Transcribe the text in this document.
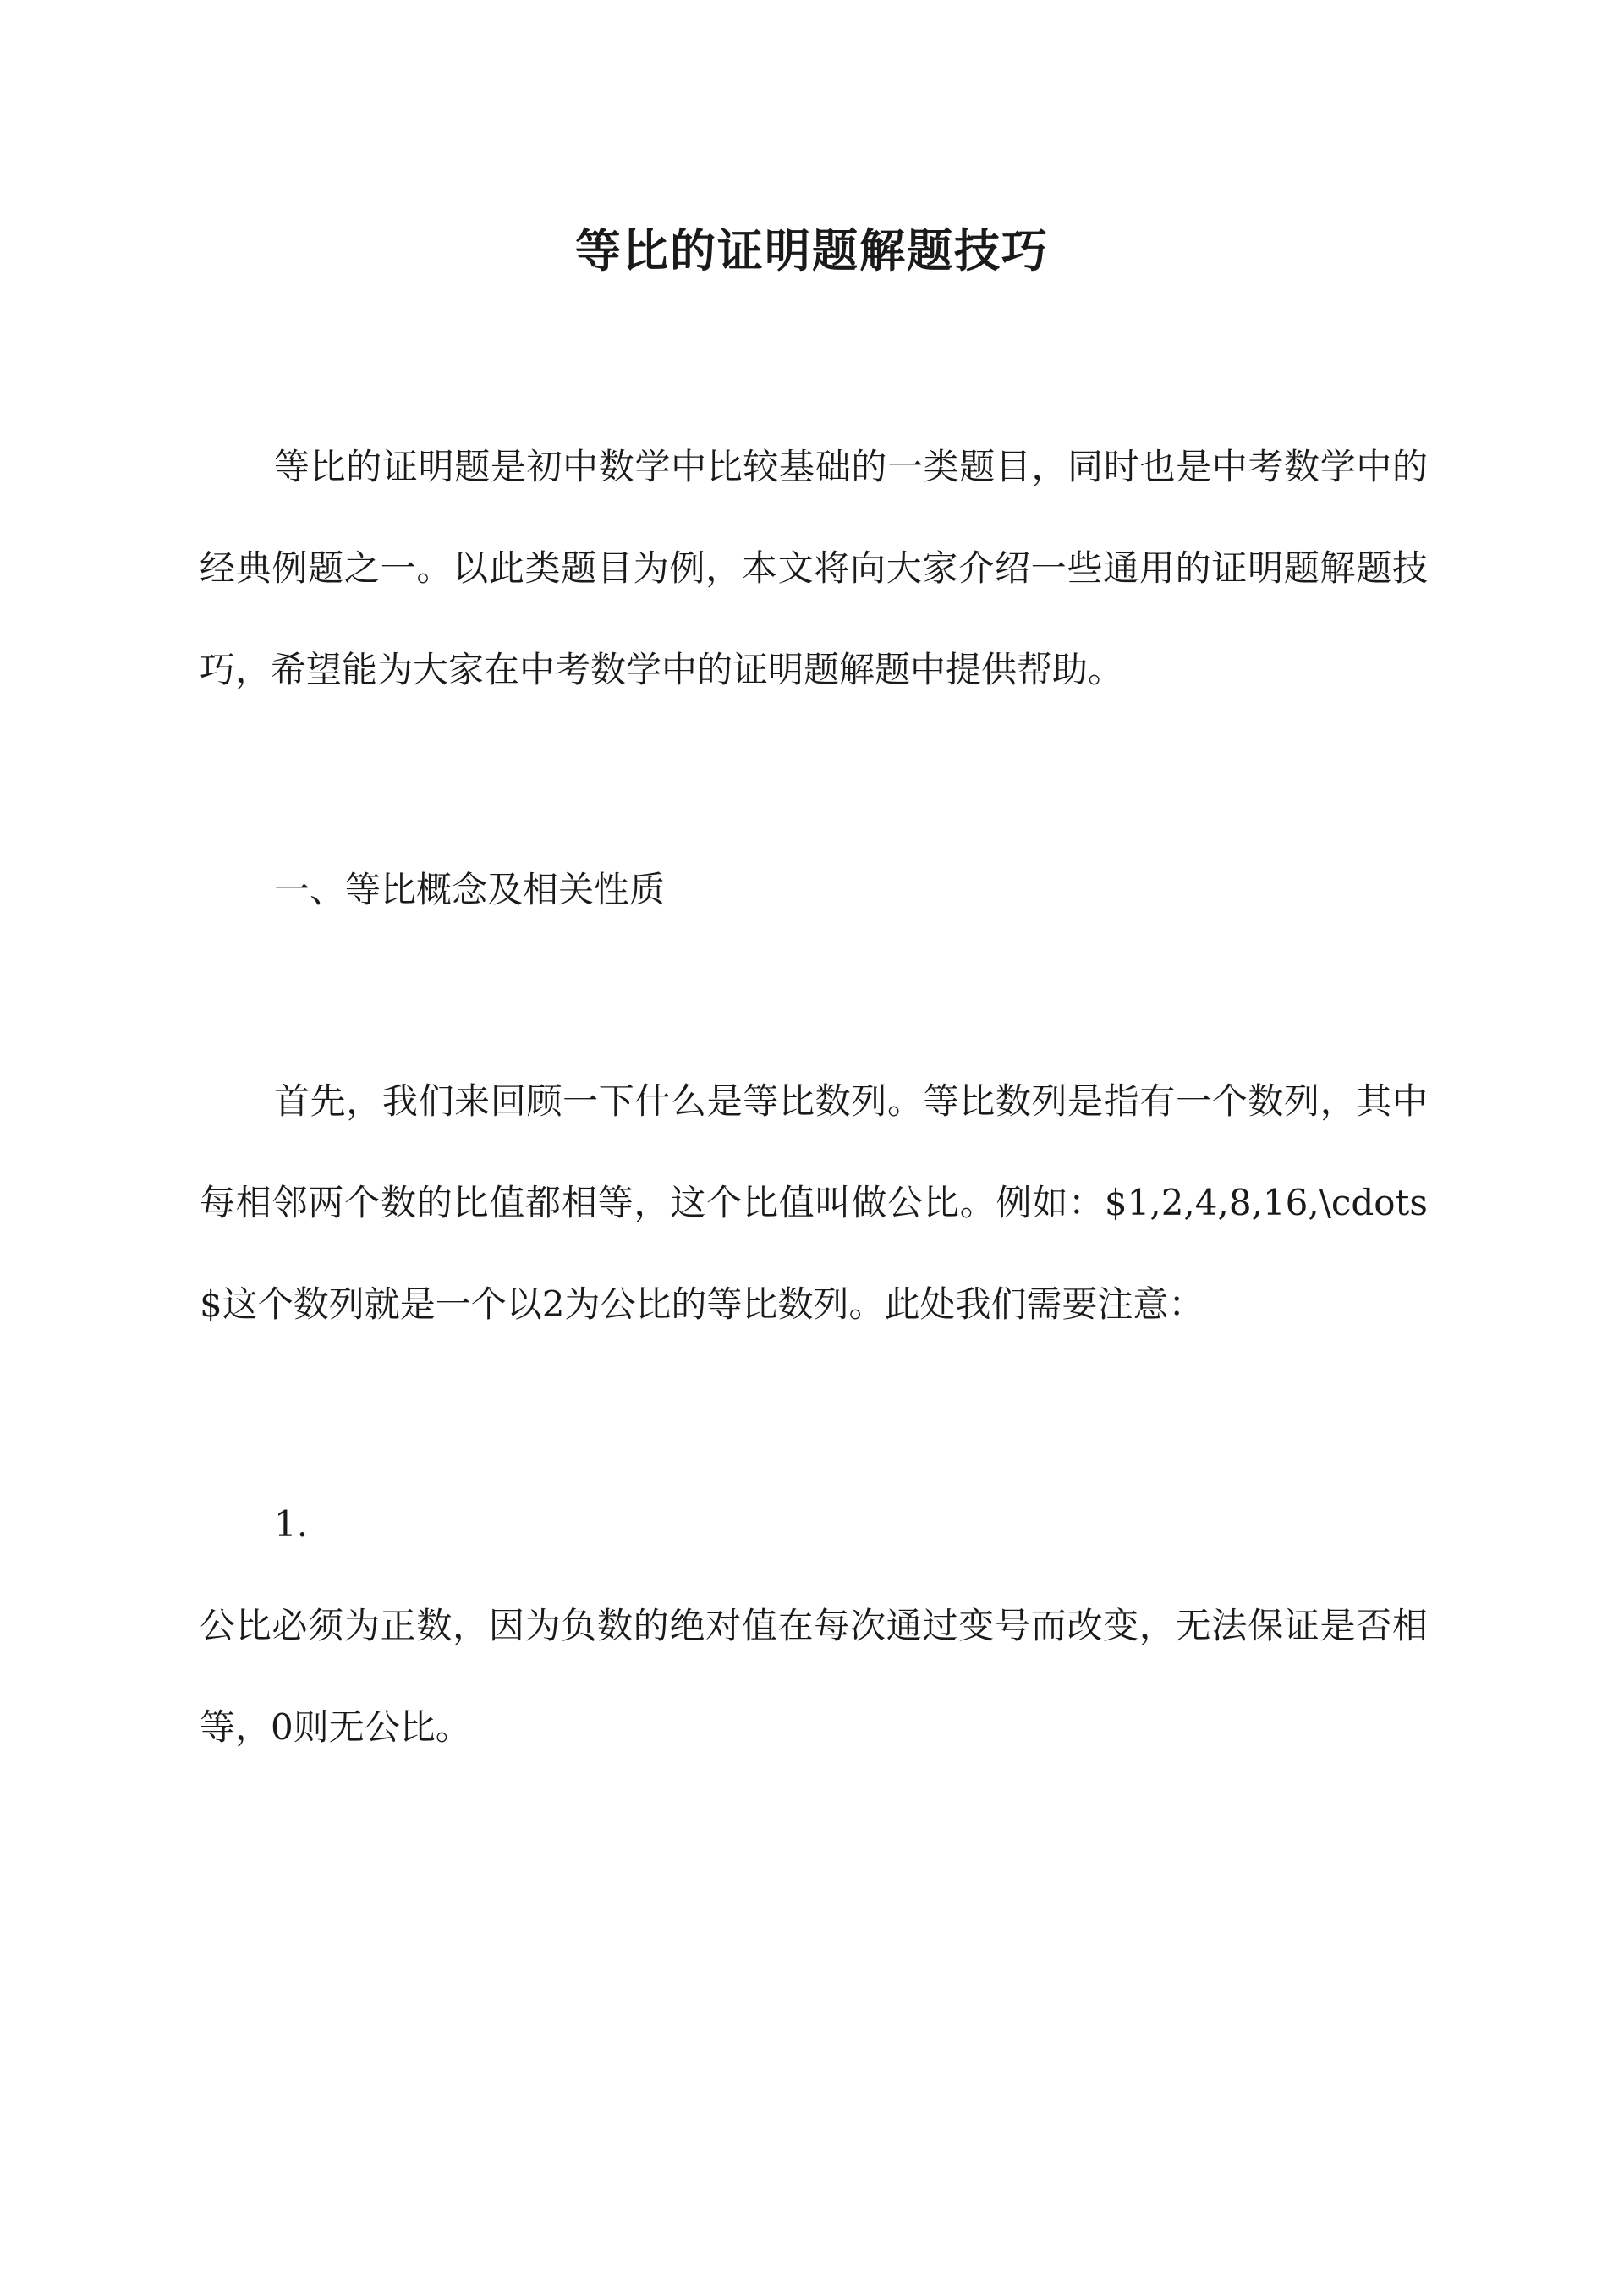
等比的证明题解题技巧

等比的证明题是初中数学中比较基础的一类题目，同时也是中考数学中的经典例题之一。以此类题目为例，本文将向大家介绍一些通用的证明题解题技巧，希望能为大家在中考数学中的证明题解题中提供帮助。

一、等比概念及相关性质

首先，我们来回顾一下什么是等比数列。等比数列是指有一个数列，其中每相邻两个数的比值都相等，这个比值叫做公比。例如：$1,2,4,8,16,\cdots$这个数列就是一个以2为公比的等比数列。此处我们需要注意：

1.

公比必须为正数，因为负数的绝对值在每次通过变号而改变，无法保证是否相等，0则无公比。
